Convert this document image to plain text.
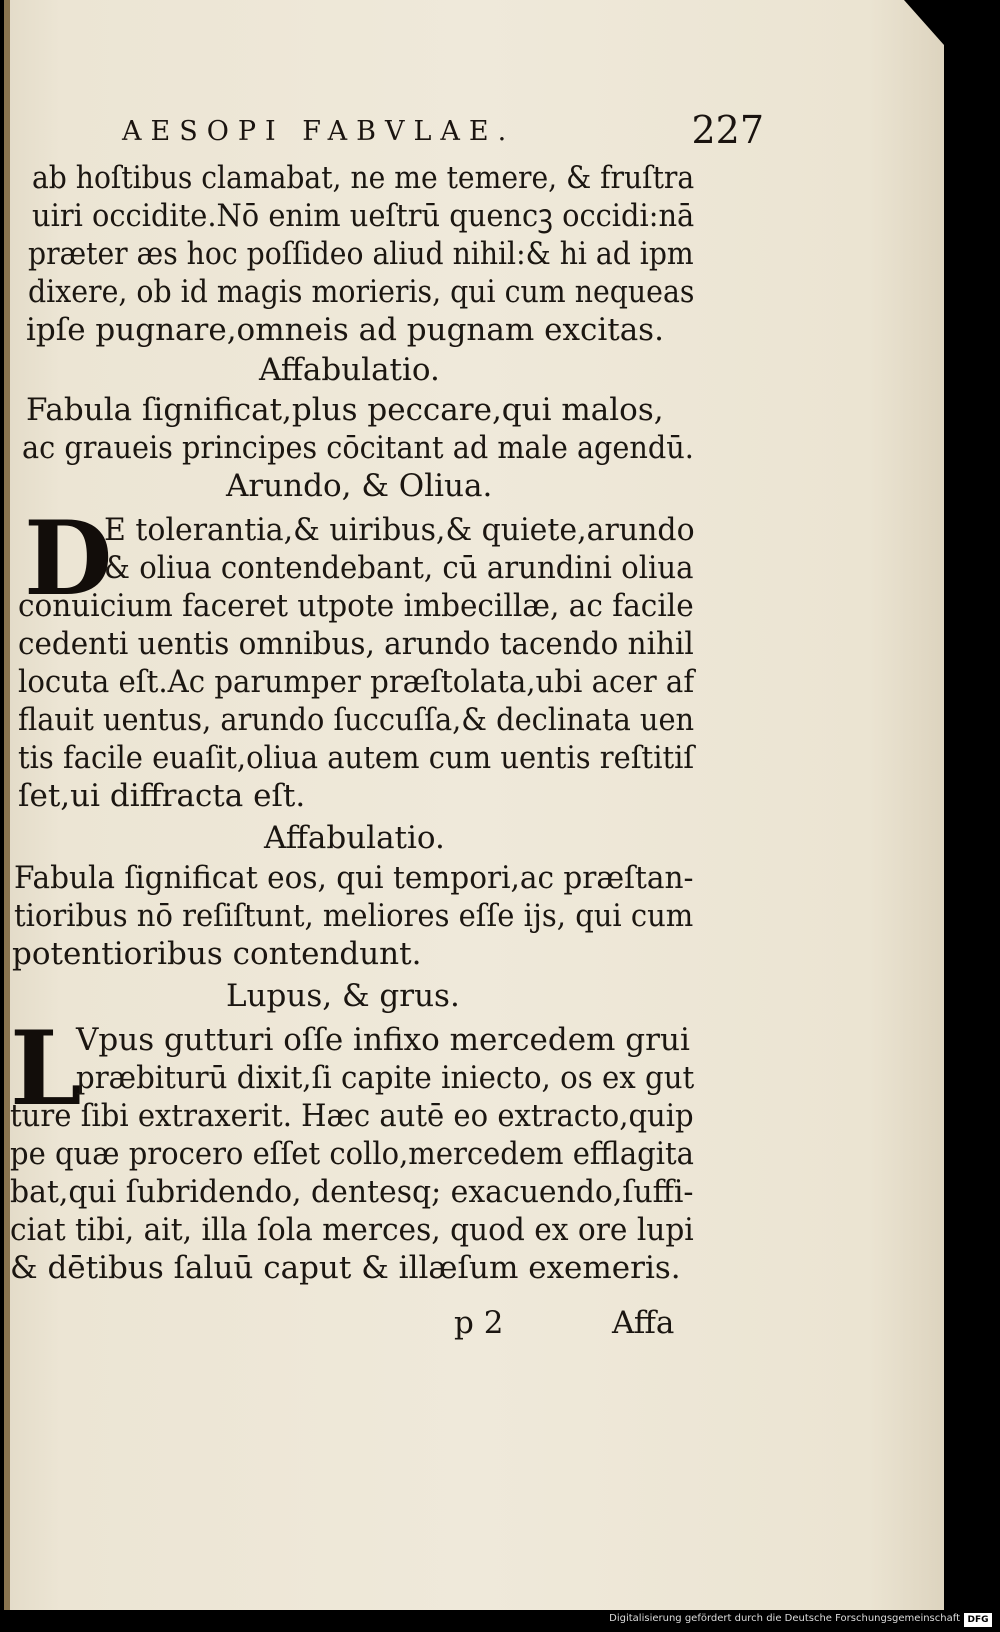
AESOPI FABVLAE.	227
ab hoſtibus clamabat, ne me temere, & fruſtra
uiri occidite.Nō enim ueſtrū quencꝫ occidi:nā
præter æs hoc poſſideo aliud nihil:& hi ad ipm
dixere, ob id magis morieris, qui cum nequeas
ipſe pugnare,omneis ad pugnam excitas.
Affabulatio.
Fabula ſignificat,plus peccare,qui malos,
ac graueis principes cōcitant ad male agendū.
Arundo, & Oliua.
D
E tolerantia,& uiribus,& quiete,arundo
& oliua contendebant, cū arundini oliua
conuicium faceret utpote imbecillæ, ac facile
cedenti uentis omnibus, arundo tacendo nihil
locuta eſt.Ac parumper præſtolata,ubi acer af
flauit uentus, arundo ſuccuſſa,& declinata uen
tis facile euaſit,oliua autem cum uentis reſtitiſ
ſet,ui diffracta eſt.
Affabulatio.
Fabula ſignificat eos, qui tempori,ac præſtan-
tioribus nō reſiſtunt, meliores eſſe ijs, qui cum
potentioribus contendunt.
Lupus, & grus.
L
Vpus gutturi oſſe infixo mercedem grui
præbiturū dixit,ſi capite iniecto, os ex gut
ture ſibi extraxerit. Hæc autē eo extracto,quip
pe quæ procero eſſet collo,mercedem efflagita
bat,qui ſubridendo, dentesq; exacuendo,ſuffi-
ciat tibi, ait, illa ſola merces, quod ex ore lupi
& dētibus ſaluū caput & illæſum exemeris.
p 2	Affa
Digitalisierung gefördert durch die Deutsche Forschungsgemeinschaft DFG
